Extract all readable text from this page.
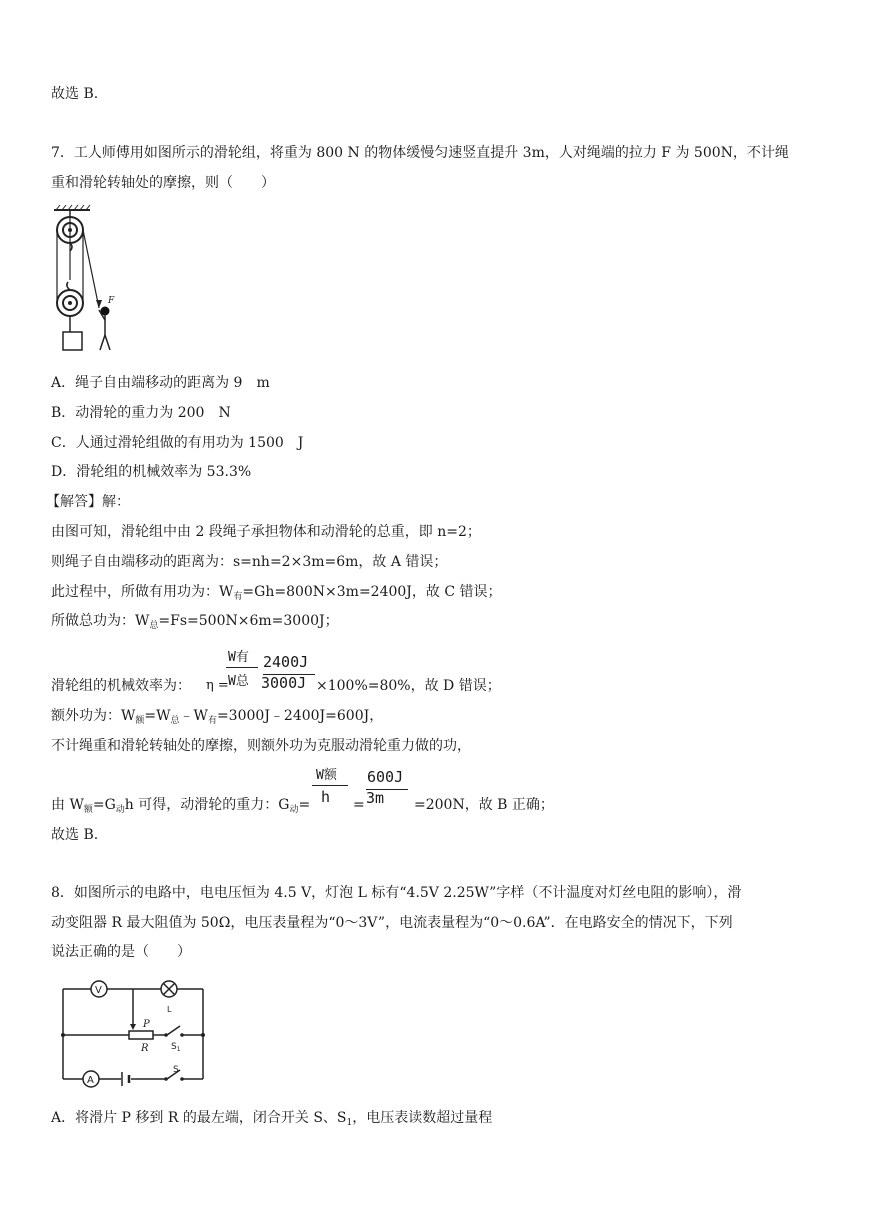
故选 B.
7．工人师傅用如图所示的滑轮组，将重为 800 N 的物体缓慢匀速竖直提升 3m，人对绳端的拉力 F 为 500N，不计绳
重和滑轮转轴处的摩擦，则（　　）
F
A．绳子自由端移动的距离为 9　m
B．动滑轮的重力为 200　N
C．人通过滑轮组做的有用功为 1500　J
D．滑轮组的机械效率为 53.3%
【解答】解：
由图可知，滑轮组中由 2 段绳子承担物体和动滑轮的总重，即 n=2；
则绳子自由端移动的距离为：s=nh=2×3m=6m，故 A 错误；
此过程中，所做有用功为：$W_有=Gh=800N\times 3m=2400J$，故 C 错误；
所做总功为：$W_总=Fs=500N\times 6m=3000J$；
滑轮组的机械效率为： η =
W有
W总
2400J
3000J ×100%=80%，故 D 错误；
额外功为：$W_额=W_总﹣W_有=3000J﹣2400J=600J$，
不计绳重和滑轮转轴处的摩擦，则额外功为克服动滑轮重力做的功，
由 $W_额=G_动h$ 可得，动滑轮的重力：$G_动=$
W额
h =
600J
3m =200N，故 B 正确；
故选 B.
8．如图所示的电路中，电电压恒为 4.5 V，灯泡 L 标有“4.5V 2.25W”字样（不计温度对灯丝电阻的影响），滑
动变阻器 R 最大阻值为 50Ω，电压表量程为“0～3V”，电流表量程为“0～0.6A”．在电路安全的情况下，下列
说法正确的是（　　）
V
L
P
R $S_1$
A
S
A．将滑片 P 移到 R 的最左端，闭合开关 S、$S_1$，电压表读数超过量程
